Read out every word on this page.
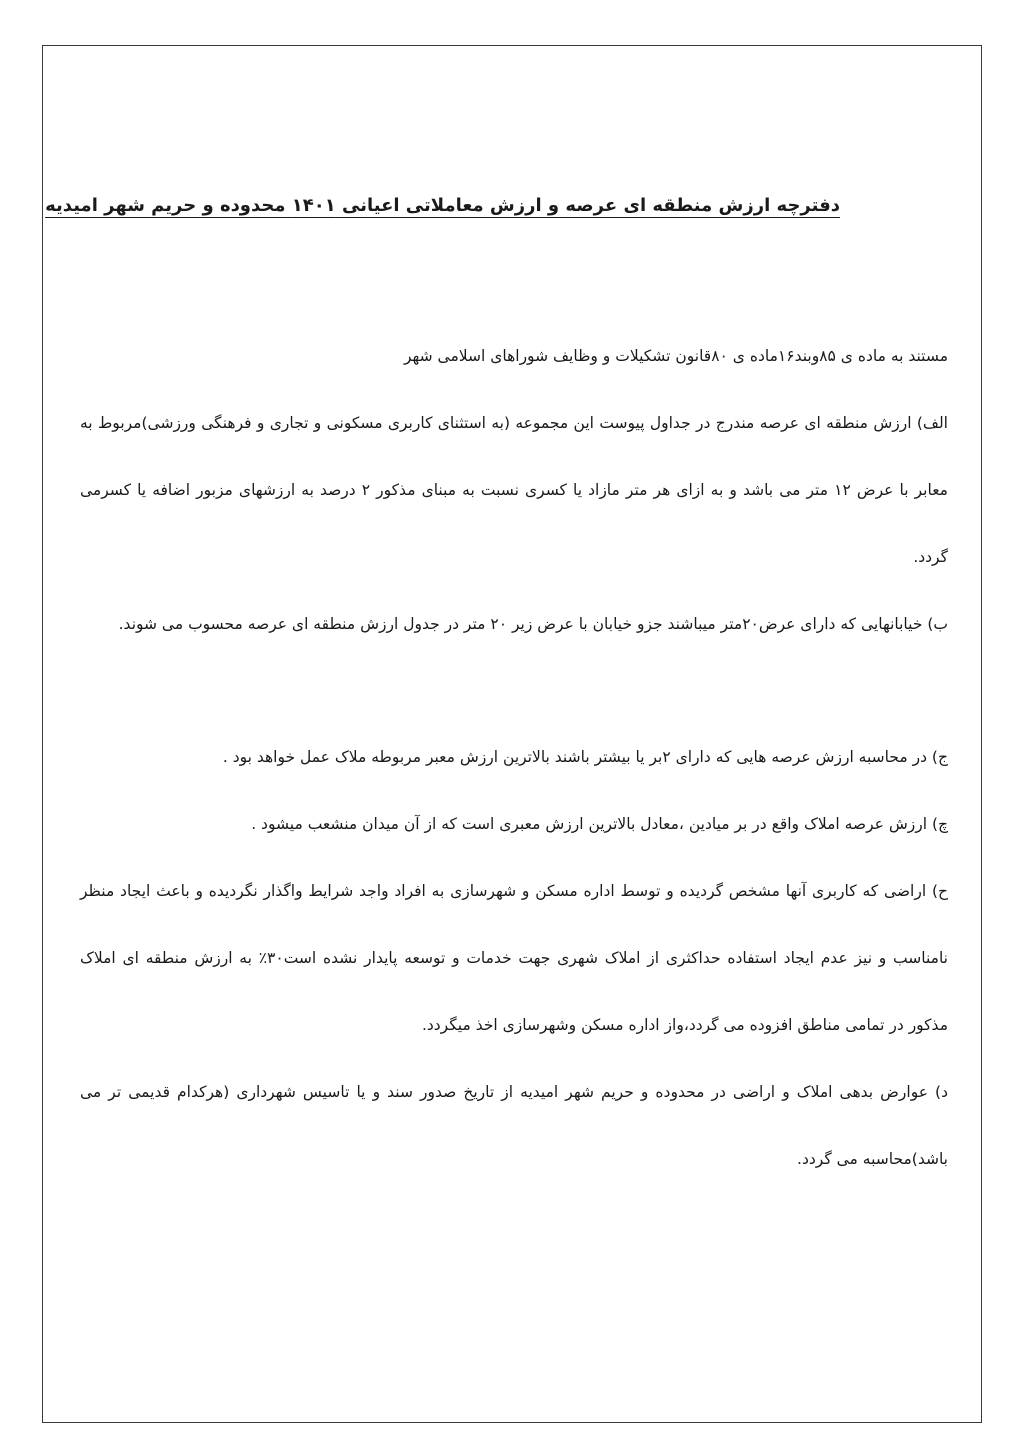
دفترچه ارزش منطقه ای عرصه و ارزش معاملاتی اعیانی ۱۴۰۱ محدوده و حریم شهر امیدیه

مستند به ماده ی ۸۵وبند۱۶ماده ی ۸۰قانون تشکیلات و وظایف شوراهای اسلامی شهر

الف) ارزش منطقه ای عرصه مندرج در جداول پیوست این مجموعه (به استثنای کاربری مسکونی و تجاری و فرهنگی ورزشی)مربوط به معابر با عرض ۱۲ متر می باشد و به ازای هر متر مازاد یا کسری نسبت به مبنای مذکور ۲ درصد به ارزشهای مزبور اضافه یا کسرمی گردد.

ب) خیابانهایی که دارای عرض۲۰متر میباشند جزو خیابان با عرض زیر ۲۰ متر در جدول ارزش منطقه ای عرصه محسوب می شوند.

ج) در محاسبه ارزش عرصه هایی که دارای ۲بر یا بیشتر باشند بالاترین ارزش معبر مربوطه ملاک عمل خواهد بود .

چ) ارزش عرصه املاک واقع در بر میادین ،معادل بالاترین ارزش معبری است که از آن میدان منشعب میشود .

ح) اراضی که کاربری آنها مشخص گردیده و توسط اداره مسکن و شهرسازی به افراد واجد شرایط واگذار نگردیده و باعث ایجاد منظر نامناسب و نیز عدم ایجاد استفاده حداکثری از املاک شهری جهت خدمات و توسعه پایدار نشده است۳۰٪ به ارزش منطقه ای املاک مذکور در تمامی مناطق افزوده می گردد،واز اداره مسکن وشهرسازی اخذ میگردد.

د) عوارض بدهی املاک و اراضی در محدوده و حریم شهر امیدیه از تاریخ صدور سند و یا تاسیس شهرداری (هرکدام قدیمی تر می باشد)محاسبه می گردد.
